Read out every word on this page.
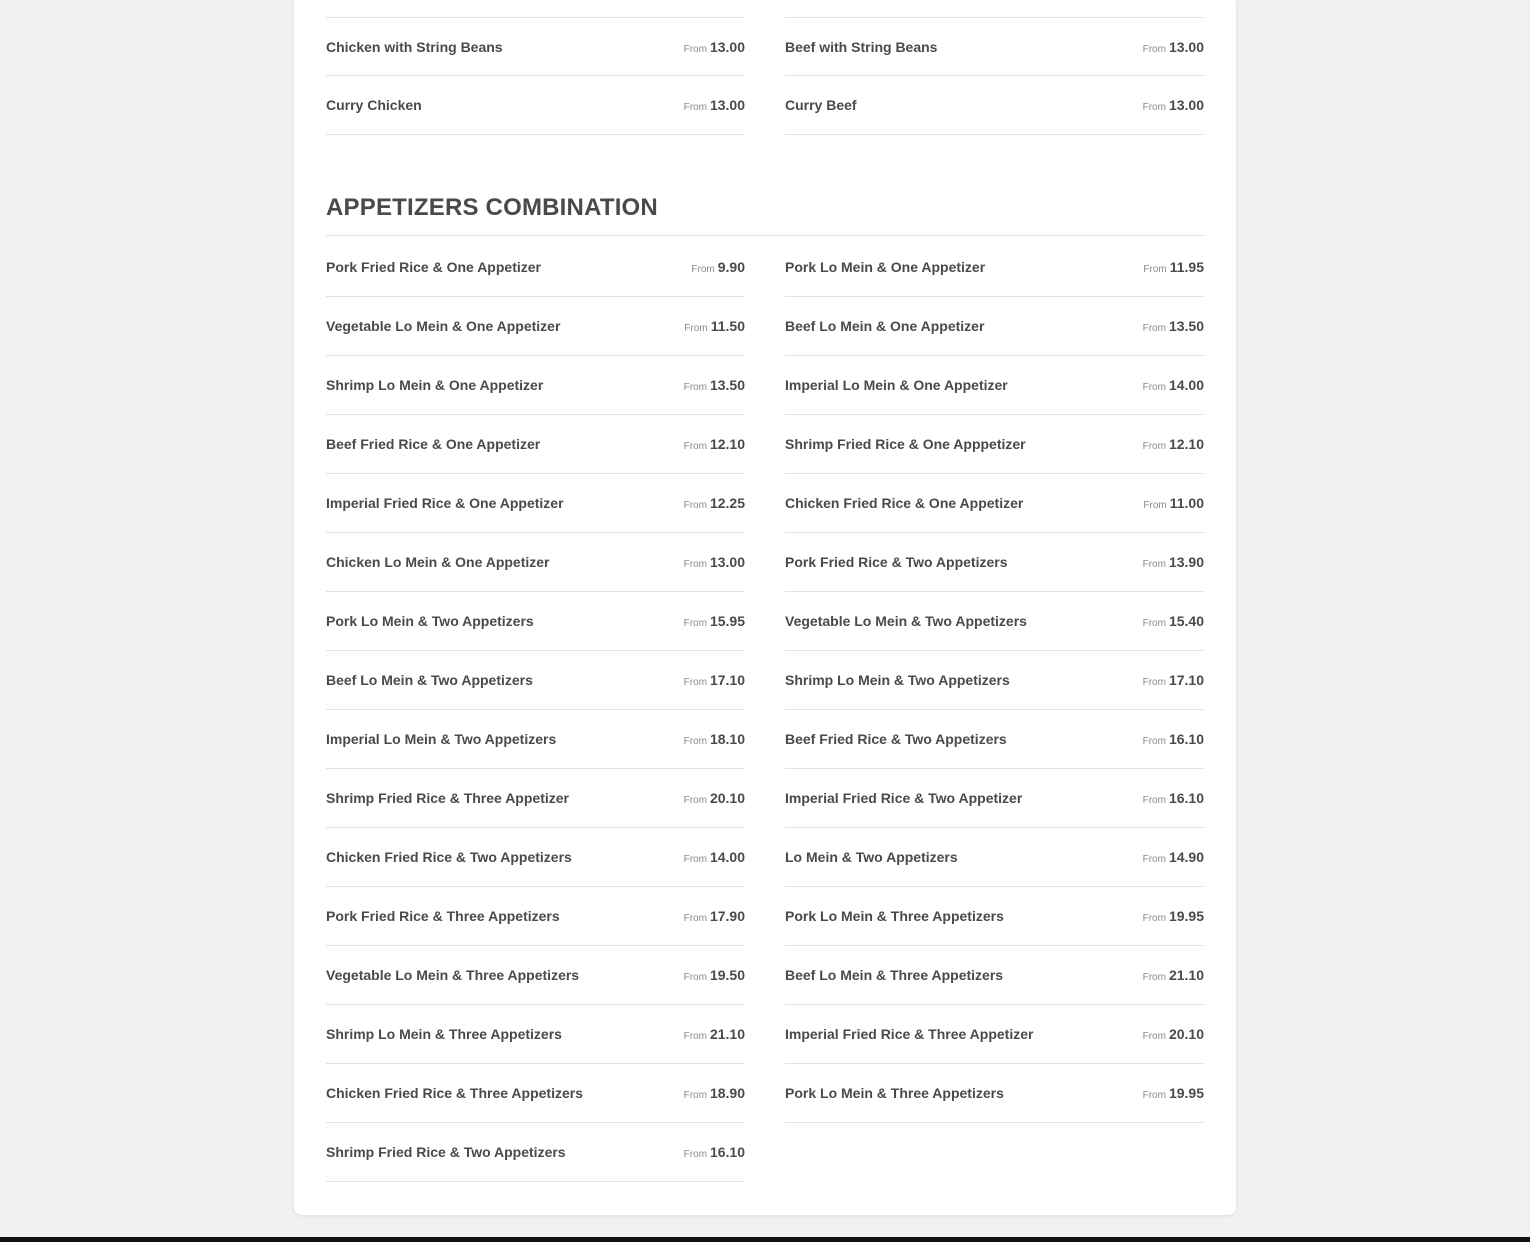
Chicken with String Beans	From 13.00	Beef with String Beans	From 13.00
Curry Chicken	From 13.00	Curry Beef	From 13.00
APPETIZERS COMBINATION
Pork Fried Rice & One Appetizer	From 9.90	Pork Lo Mein & One Appetizer	From 11.95
Vegetable Lo Mein & One Appetizer	From 11.50	Beef Lo Mein & One Appetizer	From 13.50
Shrimp Lo Mein & One Appetizer	From 13.50	Imperial Lo Mein & One Appetizer	From 14.00
Beef Fried Rice & One Appetizer	From 12.10	Shrimp Fried Rice & One Apppetizer	From 12.10
Imperial Fried Rice & One Appetizer	From 12.25	Chicken Fried Rice & One Appetizer	From 11.00
Chicken Lo Mein & One Appetizer	From 13.00	Pork Fried Rice & Two Appetizers	From 13.90
Pork Lo Mein & Two Appetizers	From 15.95	Vegetable Lo Mein & Two Appetizers	From 15.40
Beef Lo Mein & Two Appetizers	From 17.10	Shrimp Lo Mein & Two Appetizers	From 17.10
Imperial Lo Mein & Two Appetizers	From 18.10	Beef Fried Rice & Two Appetizers	From 16.10
Shrimp Fried Rice & Three Appetizer	From 20.10	Imperial Fried Rice & Two Appetizer	From 16.10
Chicken Fried Rice & Two Appetizers	From 14.00	Lo Mein & Two Appetizers	From 14.90
Pork Fried Rice & Three Appetizers	From 17.90	Pork Lo Mein & Three Appetizers	From 19.95
Vegetable Lo Mein & Three Appetizers	From 19.50	Beef Lo Mein & Three Appetizers	From 21.10
Shrimp Lo Mein & Three Appetizers	From 21.10	Imperial Fried Rice & Three Appetizer	From 20.10
Chicken Fried Rice & Three Appetizers	From 18.90	Pork Lo Mein & Three Appetizers	From 19.95
Shrimp Fried Rice & Two Appetizers	From 16.10
